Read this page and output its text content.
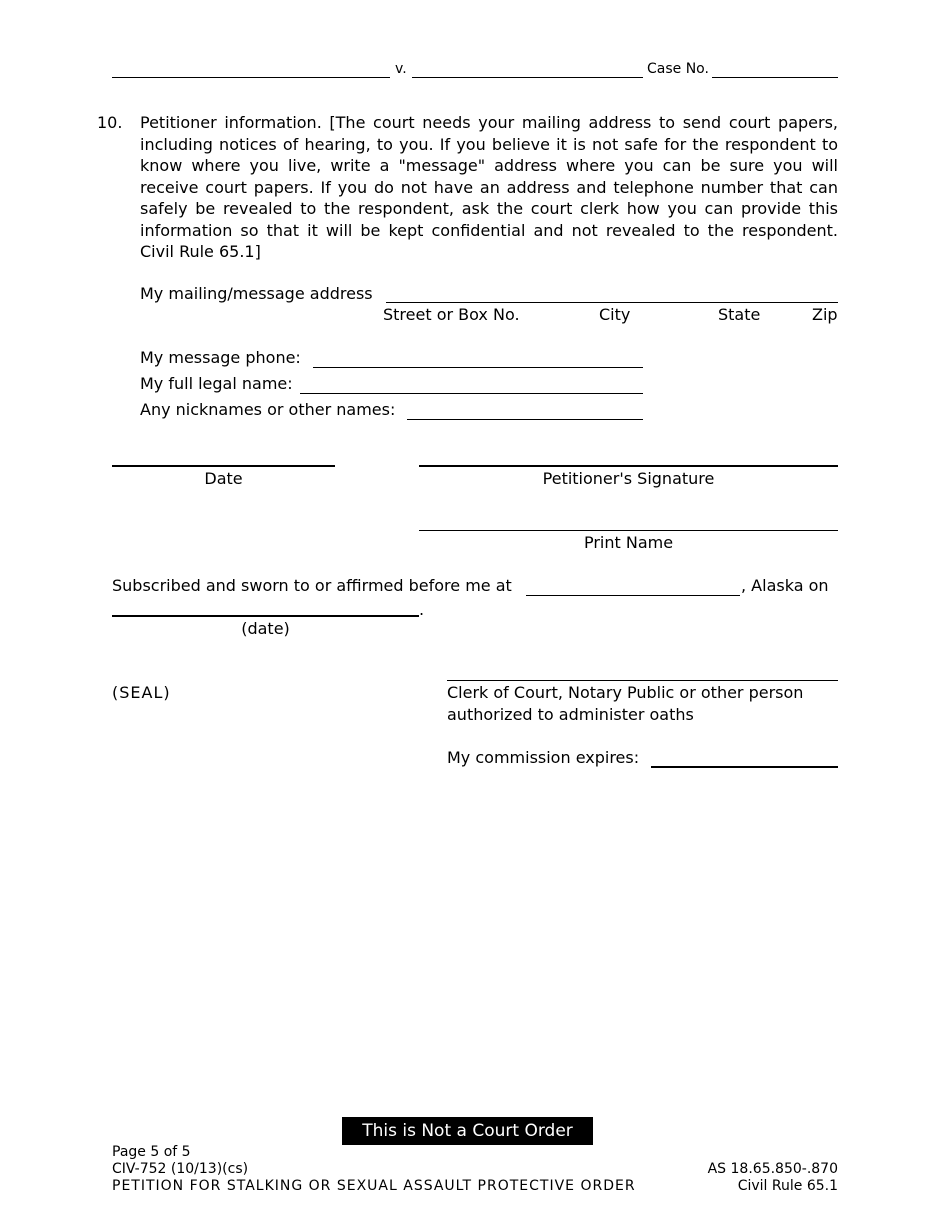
v.	Case No.
10. Petitioner information. [The court needs your mailing address to send court papers, including notices of hearing, to you. If you believe it is not safe for the respondent to know where you live, write a "message" address where you can be sure you will receive court papers. If you do not have an address and telephone number that can safely be revealed to the respondent, ask the court clerk how you can provide this information so that it will be kept confidential and not revealed to the respondent. Civil Rule 65.1]
My mailing/message address
Street or Box No.	City	State	Zip
My message phone:
My full legal name:
Any nicknames or other names:
Date	Petitioner's Signature
Print Name
Subscribed and sworn to or affirmed before me at	, Alaska on
.
(date)
(SEAL)	Clerk of Court, Notary Public or other person
authorized to administer oaths
My commission expires:
This is Not a Court Order
Page 5 of 5
CIV-752 (10/13)(cs)
PETITION FOR STALKING OR SEXUAL ASSAULT PROTECTIVE ORDER
AS 18.65.850-.870
Civil Rule 65.1
